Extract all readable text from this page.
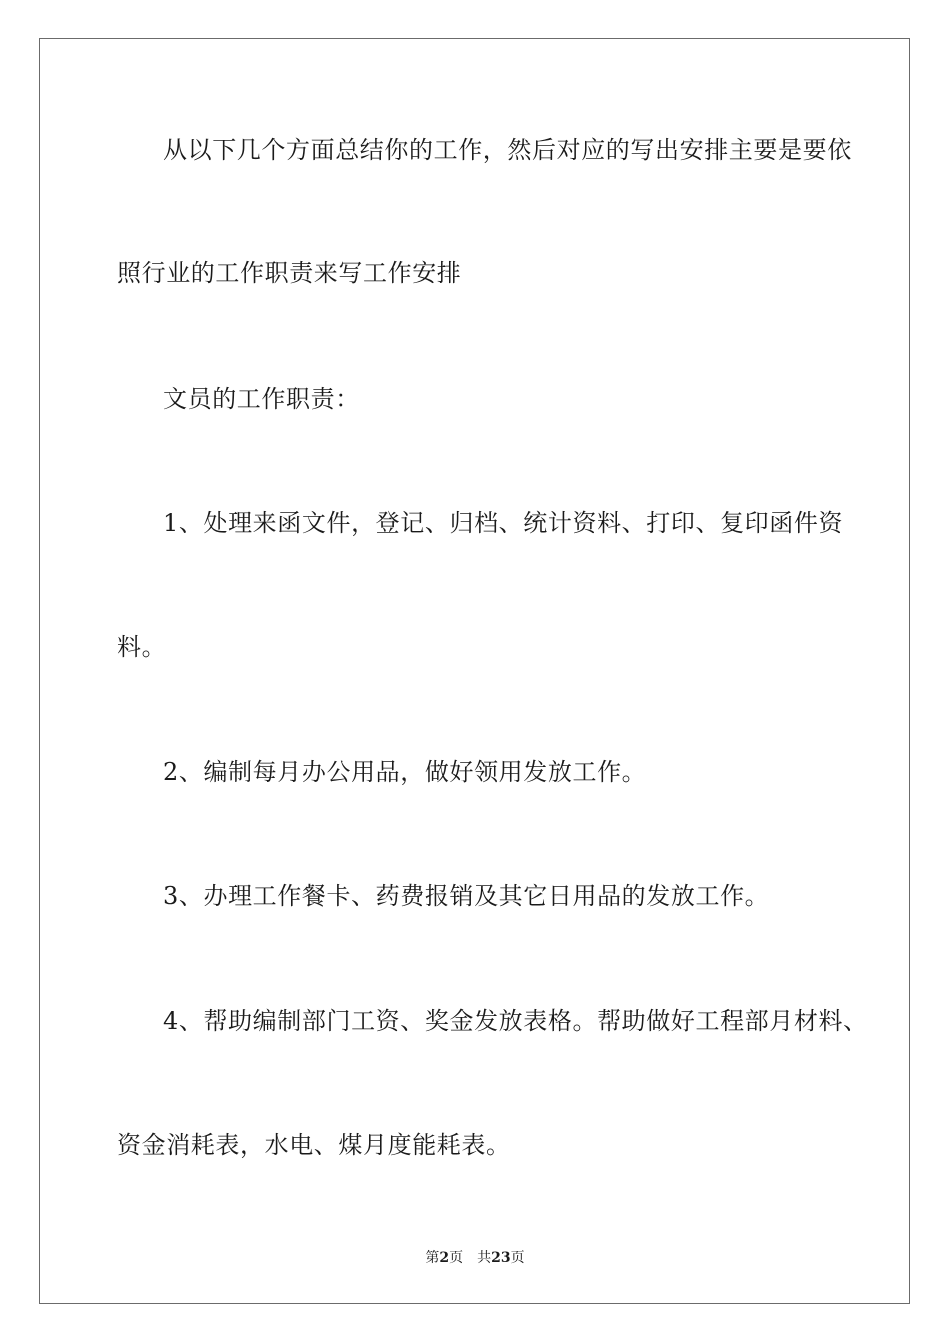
从以下几个方面总结你的工作，然后对应的写出安排主要是要依

照行业的工作职责来写工作安排

文员的工作职责：

1、处理来函文件，登记、归档、统计资料、打印、复印函件资

料。

2、编制每月办公用品，做好领用发放工作。

3、办理工作餐卡、药费报销及其它日用品的发放工作。

4、帮助编制部门工资、奖金发放表格。帮助做好工程部月材料、

资金消耗表，水电、煤月度能耗表。

第2页 共23页
